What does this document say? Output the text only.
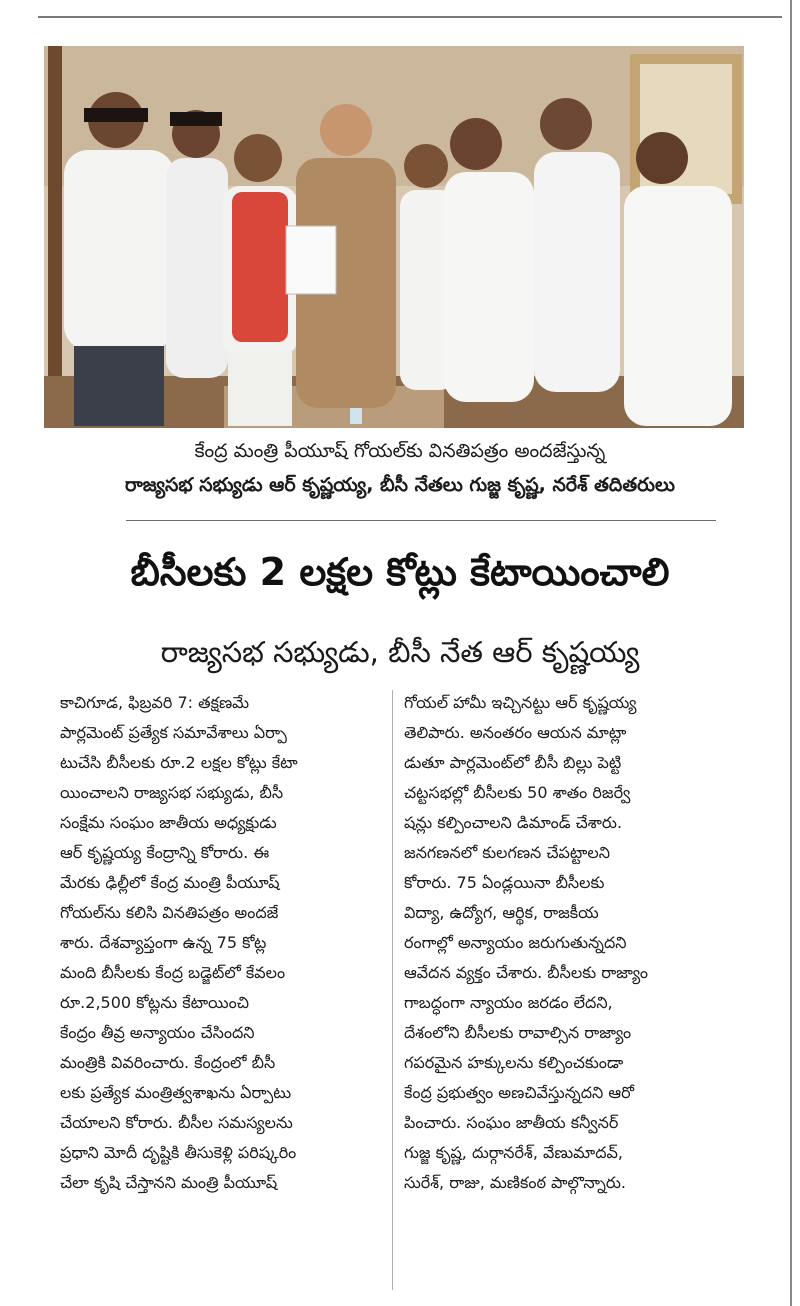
కేంద్ర మంత్రి పీయూష్ గోయల్‌కు వినతిపత్రం అందజేస్తున్న
రాజ్యసభ సభ్యుడు ఆర్ కృష్ణయ్య, బీసీ నేతలు గుజ్జ కృష్ణ, నరేశ్ తదితరులు
బీసీలకు 2 లక్షల కోట్లు కేటాయించాలి
రాజ్యసభ సభ్యుడు, బీసీ నేత ఆర్ కృష్ణయ్య
కాచిగూడ, ఫిబ్రవరి 7: తక్షణమే
పార్లమెంట్ ప్రత్యేక సమావేశాలు ఏర్పా
టుచేసి బీసీలకు రూ.2 లక్షల కోట్లు కేటా
యించాలని రాజ్యసభ సభ్యుడు, బీసీ
సంక్షేమ సంఘం జాతీయ అధ్యక్షుడు
ఆర్ కృష్ణయ్య కేంద్రాన్ని కోరారు. ఈ
మేరకు ఢిల్లీలో కేంద్ర మంత్రి పీయూష్
గోయల్‌ను కలిసి వినతిపత్రం అందజే
శారు. దేశవ్యాప్తంగా ఉన్న 75 కోట్ల
మంది బీసీలకు కేంద్ర బడ్జెట్‌లో కేవలం
రూ.2,500 కోట్లను కేటాయించి
కేంద్రం తీవ్ర అన్యాయం చేసిందని
మంత్రికి వివరించారు. కేంద్రంలో బీసీ
లకు ప్రత్యేక మంత్రిత్వశాఖను ఏర్పాటు
చేయాలని కోరారు. బీసీల సమస్యలను
ప్రధాని మోదీ దృష్టికి తీసుకెళ్లి పరిష్కరిం
చేలా కృషి చేస్తానని మంత్రి పీయూష్
గోయల్ హామీ ఇచ్చినట్టు ఆర్ కృష్ణయ్య
తెలిపారు. అనంతరం ఆయన మాట్లా
డుతూ పార్లమెంట్‌లో బీసీ బిల్లు పెట్టి
చట్టసభల్లో బీసీలకు 50 శాతం రిజర్వే
షన్లు కల్పించాలని డిమాండ్ చేశారు.
జనగణనలో కులగణన చేపట్టాలని
కోరారు. 75 ఏండ్లయినా బీసీలకు
విద్యా, ఉద్యోగ, ఆర్థిక, రాజకీయ
రంగాల్లో అన్యాయం జరుగుతున్నదని
ఆవేదన వ్యక్తం చేశారు. బీసీలకు రాజ్యాం
గాబద్ధంగా న్యాయం జరడం లేదని,
దేశంలోని బీసీలకు రావాల్సిన రాజ్యాం
గపరమైన హక్కులను కల్పించకుండా
కేంద్ర ప్రభుత్వం అణచివేస్తున్నదని ఆరో
పించారు. సంఘం జాతీయ కన్వీనర్
గుజ్జ కృష్ణ, దుర్గానరేశ్, వేణుమాదవ్,
సురేశ్, రాజు, మణికంఠ పాల్గొన్నారు.
